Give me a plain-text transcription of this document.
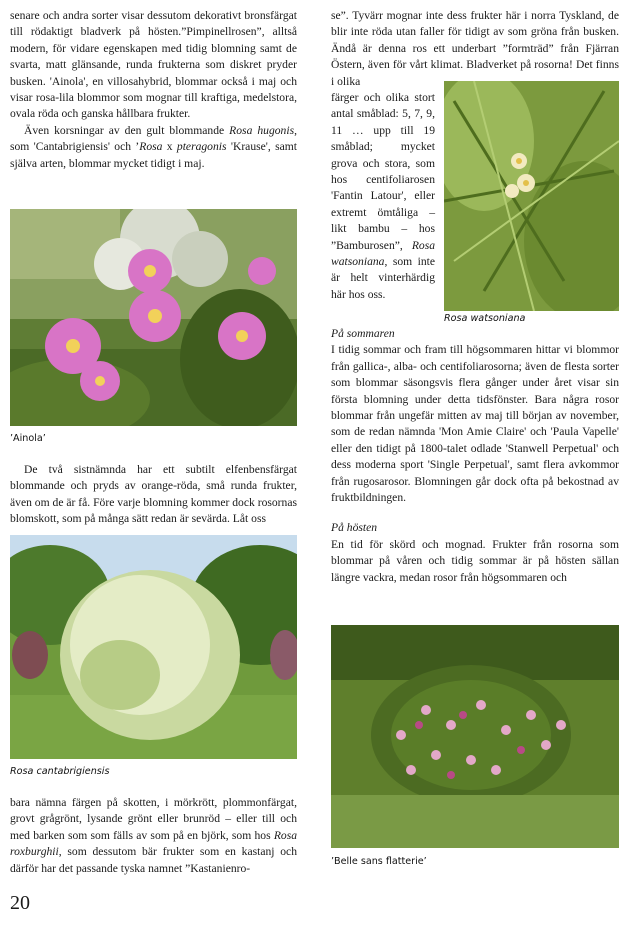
senare och andra sorter visar dessutom dekorativt bronsfärgat till rödaktigt bladverk på hösten.”Pimpinellrosen”, alltså modern, för vidare egenskapen med tidig blomning samt de svarta, matt glänsande, runda frukterna som diskret pryder busken. 'Ainola', en villosahybrid, blommar också i maj och visar rosa-lila blommor som mognar till kraftiga, medelstora, ovala röda och ganska hållbara frukter.

Även korsningar av den gult blommande Rosa hugonis, som 'Cantabrigiensis' och ’Rosa x pteragonis 'Krause', samt själva arten, blommar mycket tidigt i maj.

’Ainola’

De två sistnämnda har ett subtilt elfenbensfärgat blommande och pryds av orange-röda, små runda frukter, även om de är få. Före varje blomning kommer dock rosornas blomskott, som på många sätt redan är sevärda. Låt oss

Rosa cantabrigiensis

bara nämna färgen på skotten, i mörkrött, plommonfärgat, grovt grågrönt, lysande grönt eller brunröd – eller till och med barken som som fälls av som på en björk, som hos Rosa roxburghii, som dessutom bär frukter som en kastanj och därför har det passande tyska namnet ”Kastanienro-

se”. Tyvärr mognar inte dess frukter här i norra Tyskland, de blir inte röda utan faller för tidigt av som gröna från busken. Ändå är denna ros ett underbart ”formträd” från Fjärran Östern, även för vårt klimat. Bladverket på rosorna! Det finns i olika

färger och olika stort antal småblad: 5, 7, 9, 11 … upp till 19 småblad; mycket grova och stora, som hos centifoliarosen 'Fantin Latour', eller extremt ömtåliga – likt bambu – hos ”Bamburosen”, Rosa watsoniana, som inte är helt vinterhärdig här hos oss.

Rosa watsoniana

På sommaren

I tidig sommar och fram till högsommaren hittar vi blommor från gallica-, alba- och centifoliarosorna; även de flesta sorter som blommar säsongsvis flera gånger under året visar sin första blomning under detta tidsfönster. Bara några rosor blommar från ungefär mitten av maj till början av november, som de redan nämnda 'Mon Amie Claire' och 'Paula Vapelle' eller den tidigt på 1800-talet odlade 'Stanwell Perpetual' och dess moderna sport 'Single Perpetual', samt flera avkommor från rugosarosor. Blomningen går dock ofta på bekostnad av fruktbildningen.

På hösten

En tid för skörd och mognad. Frukter från rosorna som blommar på våren och tidig sommar är på hösten sällan längre vackra, medan rosor från högsommaren och

’Belle sans flatterie’
20
